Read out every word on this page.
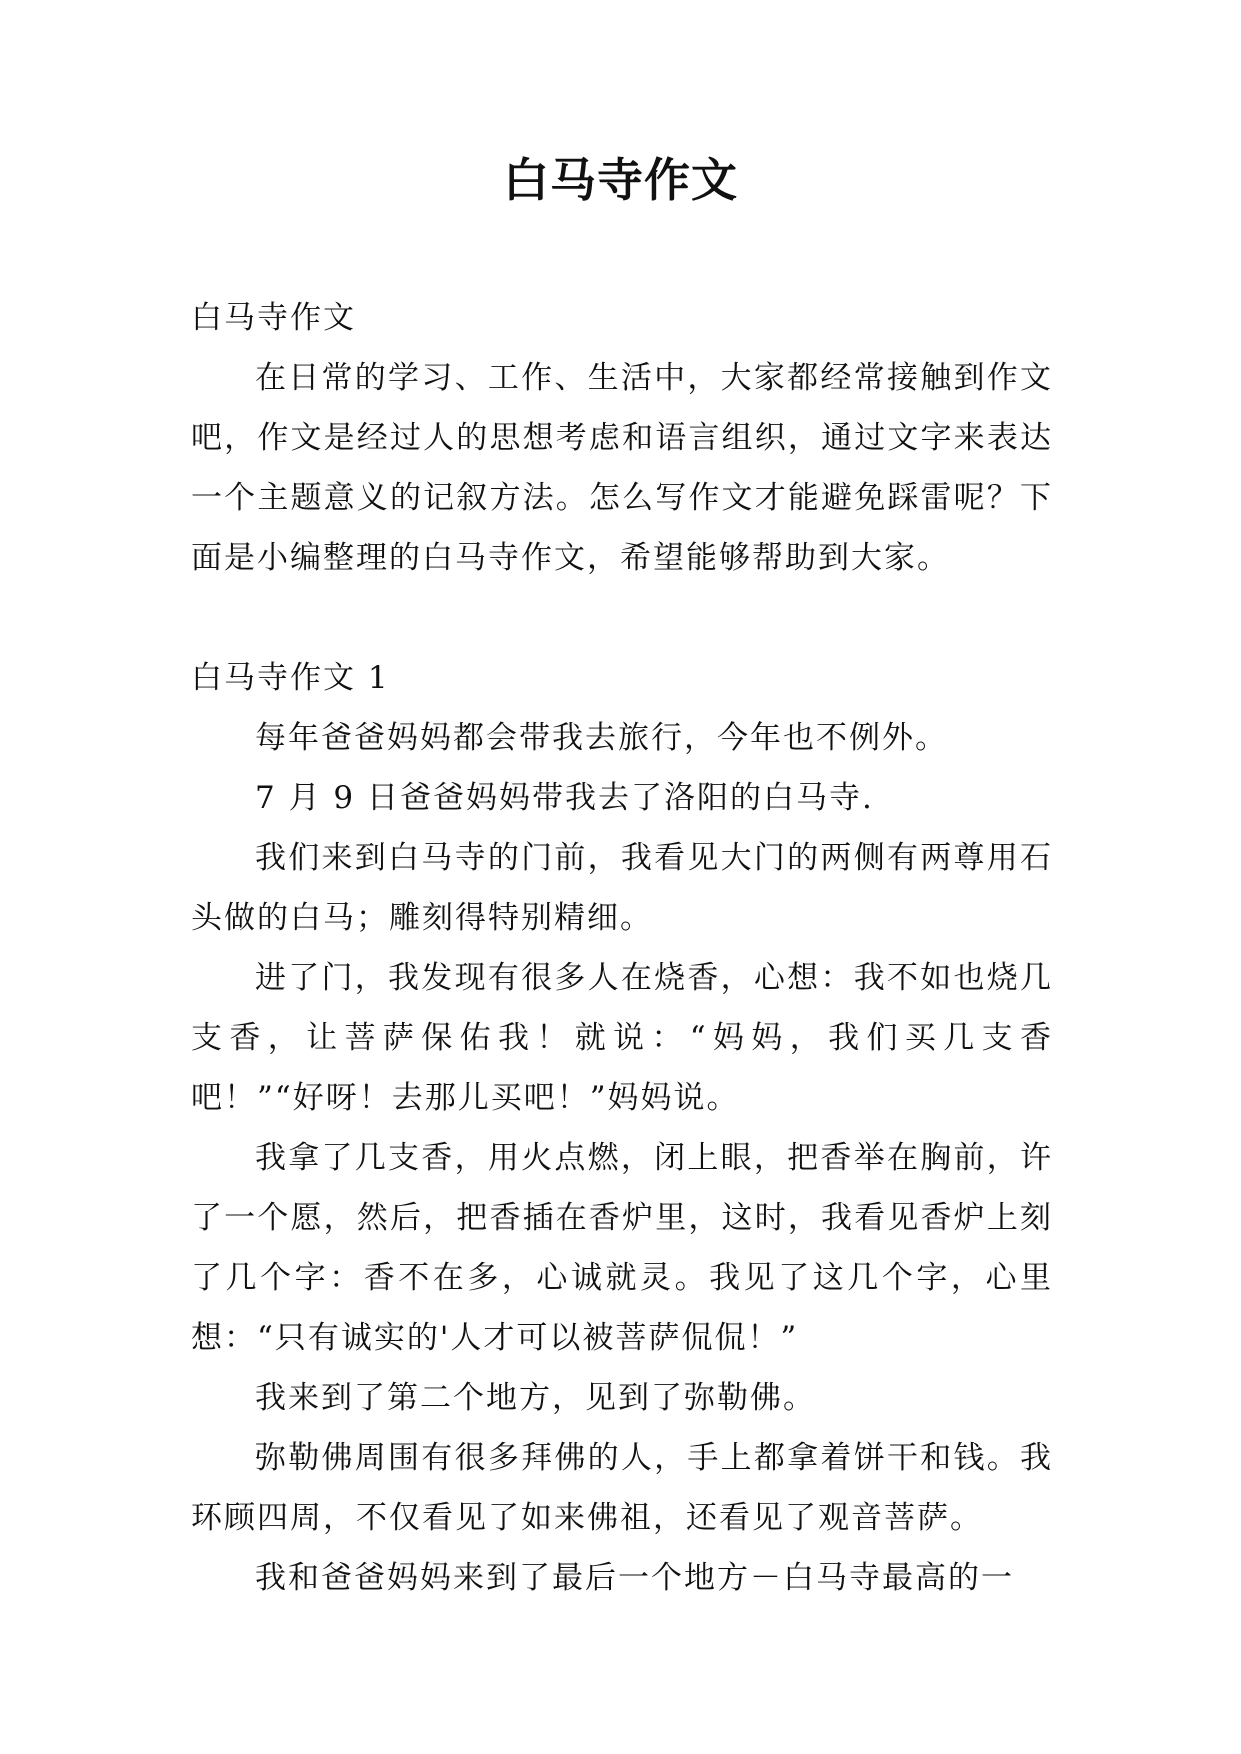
白马寺作文

白马寺作文

在日常的学习、工作、生活中，大家都经常接触到作文吧，作文是经过人的思想考虑和语言组织，通过文字来表达一个主题意义的记叙方法。怎么写作文才能避免踩雷呢？下面是小编整理的白马寺作文，希望能够帮助到大家。

白马寺作文 1

每年爸爸妈妈都会带我去旅行，今年也不例外。

7 月 9 日爸爸妈妈带我去了洛阳的白马寺.

我们来到白马寺的门前，我看见大门的两侧有两尊用石头做的白马；雕刻得特别精细。

进了门，我发现有很多人在烧香，心想：我不如也烧几支香，让菩萨保佑我！就说：“妈妈，我们买几支香吧！”“好呀！去那儿买吧！”妈妈说。

我拿了几支香，用火点燃，闭上眼，把香举在胸前，许了一个愿，然后，把香插在香炉里，这时，我看见香炉上刻了几个字：香不在多，心诚就灵。我见了这几个字，心里想：“只有诚实的'人才可以被菩萨侃侃！”

我来到了第二个地方，见到了弥勒佛。

弥勒佛周围有很多拜佛的人，手上都拿着饼干和钱。我环顾四周，不仅看见了如来佛祖，还看见了观音菩萨。

我和爸爸妈妈来到了最后一个地方－白马寺最高的一
